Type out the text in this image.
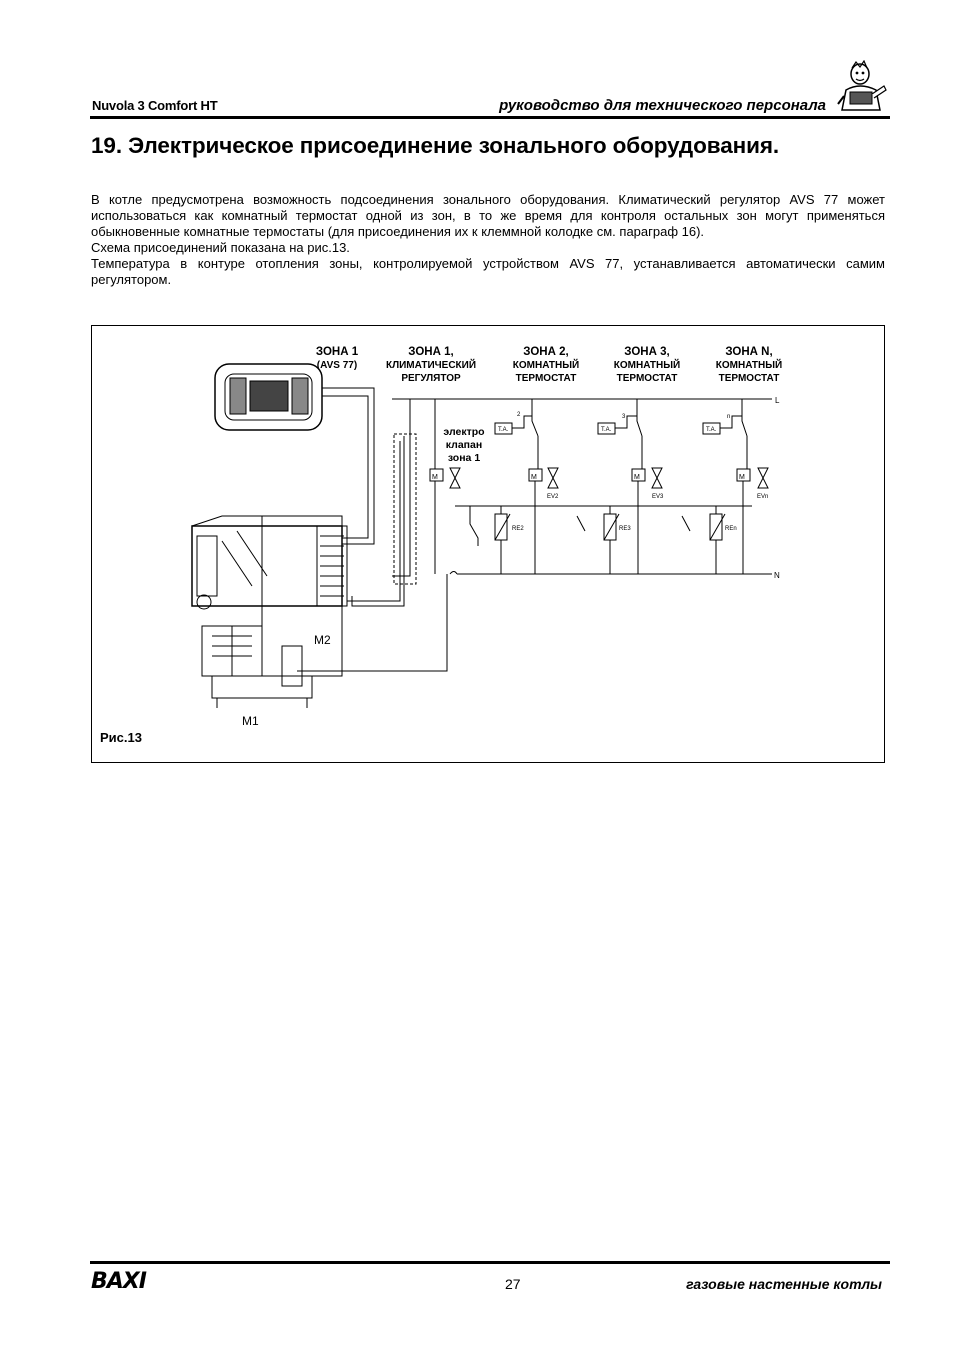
Nuvola 3 Comfort HT	руководство для технического персонала
19. Электрическое присоединение зонального оборудования.

В котле предусмотрена возможность подсоединения зонального оборудования. Климатический регулятор AVS 77 может использоваться как комнатный термостат одной из зон, в то же время для контроля остальных зон могут применяться обыкновенные комнатные термостаты (для присоединения их к клеммной колодке см. параграф 16).

Схема присоединений показана на рис.13.

Температура в контуре отопления зоны, контролируемой устройством AVS 77, устанавливается автоматически самим регулятором.

L
N
T.A.	T.A.	T.A.
M	M	M	M
EV2	EV3	EVn
RE2	RE3	REn
2	3	n
ЗОНА 1
(AVS 77)
ЗОНА 1,
КЛИМАТИЧЕСКИЙ
РЕГУЛЯТОР
ЗОНА 2,
КОМНАТНЫЙ
ТЕРМОСТАТ
ЗОНА 3,
КОМНАТНЫЙ
ТЕРМОСТАТ
ЗОНА N,
КОМНАТНЫЙ
ТЕРМОСТАТ
электро
клапан
зона 1
M2
M1
Рис.13
BAXI	27	газовые настенные котлы
